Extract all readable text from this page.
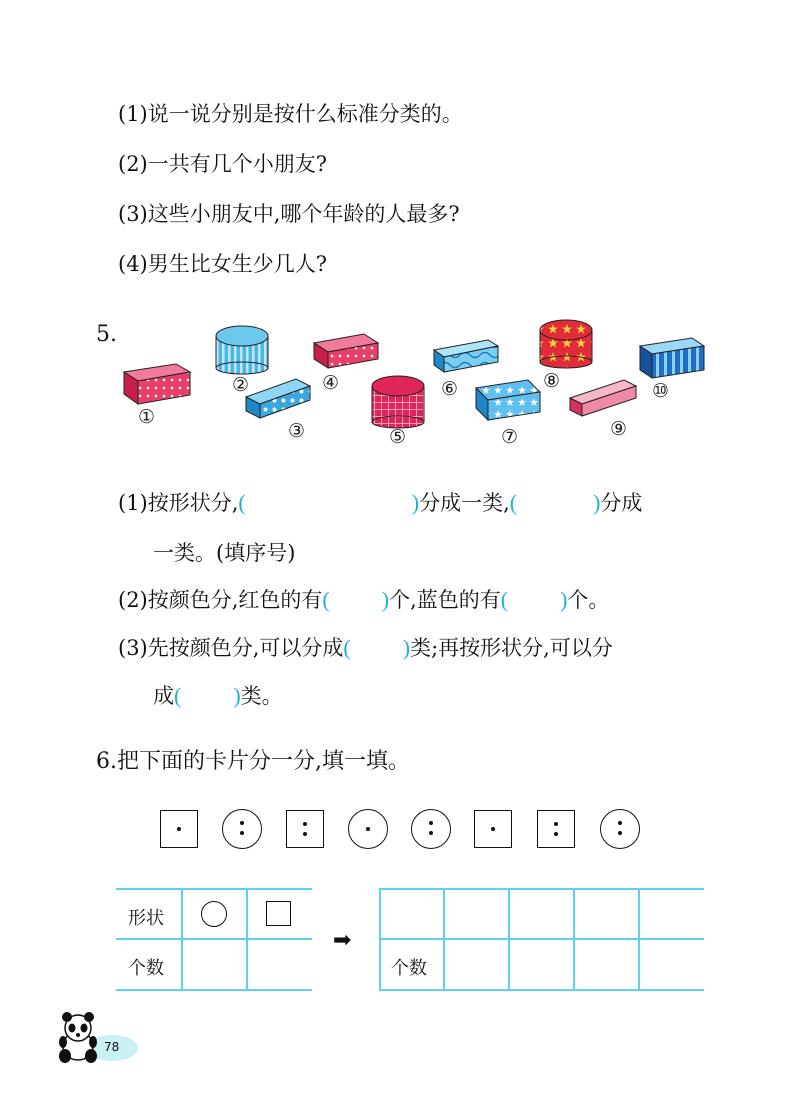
(1)说一说分别是按什么标准分类的。
(2)一共有几个小朋友?
(3)这些小朋友中,哪个年龄的人最多?
(4)男生比女生少几人?
5.
①
②
③
④
⑤
⑥
⑦
⑧
⑨
⑩
(1)按形状分,(	)分成一类,(	)分成
一类。(填序号)
(2)按颜色分,红色的有( )个,蓝色的有( )个。
(3)先按颜色分,可以分成( )类;再按形状分,可以分
成( )类。
6.把下面的卡片分一分,填一填。
形状
个数
➡
个数
78
